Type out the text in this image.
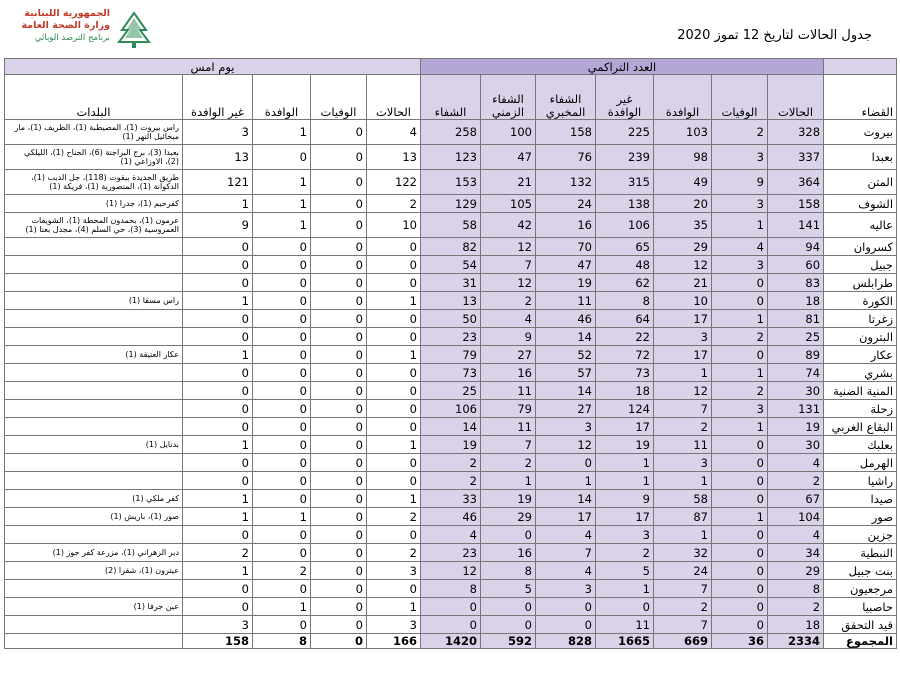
الجمهورية اللبنانية
وزارة الصحة العامة
برنامج الترصد الوبائي	جدول الحالات لتاريخ 12 تموز 2020
يوم امس					العدد التراكمي							
البلدات	غير الوافدة	الوافدة	الوفيات	الحالات	الشفاء	الشفاء الزمني	الشفاء المخبري	غير الوافدة	الوافدة	الوفيات	الحالات	القضاء
راس بيروت (1)، المصيطبة (1)، الظريف (1)، مار ميخائيل النهر (1)	3	1	0	4	258	100	158	225	103	2	328	بيروت
بعبدا (3)، برج البراجنة (6)، الجناح (1)، الليلكي (2)، الاوزاعي (1)	13	0	0	13	123	47	76	239	98	3	337	بعبدا
طريق الجديدة بيقوت (118)، جل الديب (1)، الدكوانة (1)، المنصورية (1)، فريكة (1)	121	1	0	122	153	21	132	315	49	9	364	المتن
كفرحيم (1)، جدرا (1)	1	1	0	2	129	105	24	138	20	3	158	الشوف
عرمون (1)، بحمدون المحطة (1)، الشويفات العمروسية (3)، حي السلم (4)، مجدل بعنا (1)	9	1	0	10	58	42	16	106	35	1	141	عاليه
	0	0	0	0	82	12	70	65	29	4	94	كسروان
	0	0	0	0	54	7	47	48	12	3	60	جبيل
	0	0	0	0	31	12	19	62	21	0	83	طرابلس
راس مسقا (1)	1	0	0	1	13	2	11	8	10	0	18	الكورة
	0	0	0	0	50	4	46	64	17	1	81	زغرتا
	0	0	0	0	23	9	14	22	3	2	25	البترون
عكار العتيقة (1)	1	0	0	1	79	27	52	72	17	0	89	عكار
	0	0	0	0	73	16	57	73	1	1	74	بشري
	0	0	0	0	25	11	14	18	12	2	30	المنية الضنية
	0	0	0	0	106	79	27	124	7	3	131	زحلة
	0	0	0	0	14	11	3	17	2	1	19	البقاع الغربي
بدنايل (1)	1	0	0	1	19	7	12	19	11	0	30	بعلبك
	0	0	0	0	2	2	0	1	3	0	4	الهرمل
	0	0	0	0	2	1	1	1	1	0	2	راشيا
كفر ملكي (1)	1	0	0	1	33	19	14	9	58	0	67	صيدا
صور (1)، باريش (1)	1	1	0	2	46	29	17	17	87	1	104	صور
	0	0	0	0	4	0	4	3	1	0	4	جزين
دير الزهراني (1)، مزرعة كفر جوز (1)	2	0	0	2	23	16	7	2	32	0	34	النبطية
عيترون (1)، شقرا (2)	1	2	0	3	12	8	4	5	24	0	29	بنت جبيل
	0	0	0	0	8	5	3	1	7	0	8	مرجعيون
عين جرفا (1)	0	1	0	1	0	0	0	0	2	0	2	حاصبيا
	3	0	0	3	0	0	0	11	7	0	18	قيد التحقق
	158	8	0	166	1420	592	828	1665	669	36	2334	المجموع
